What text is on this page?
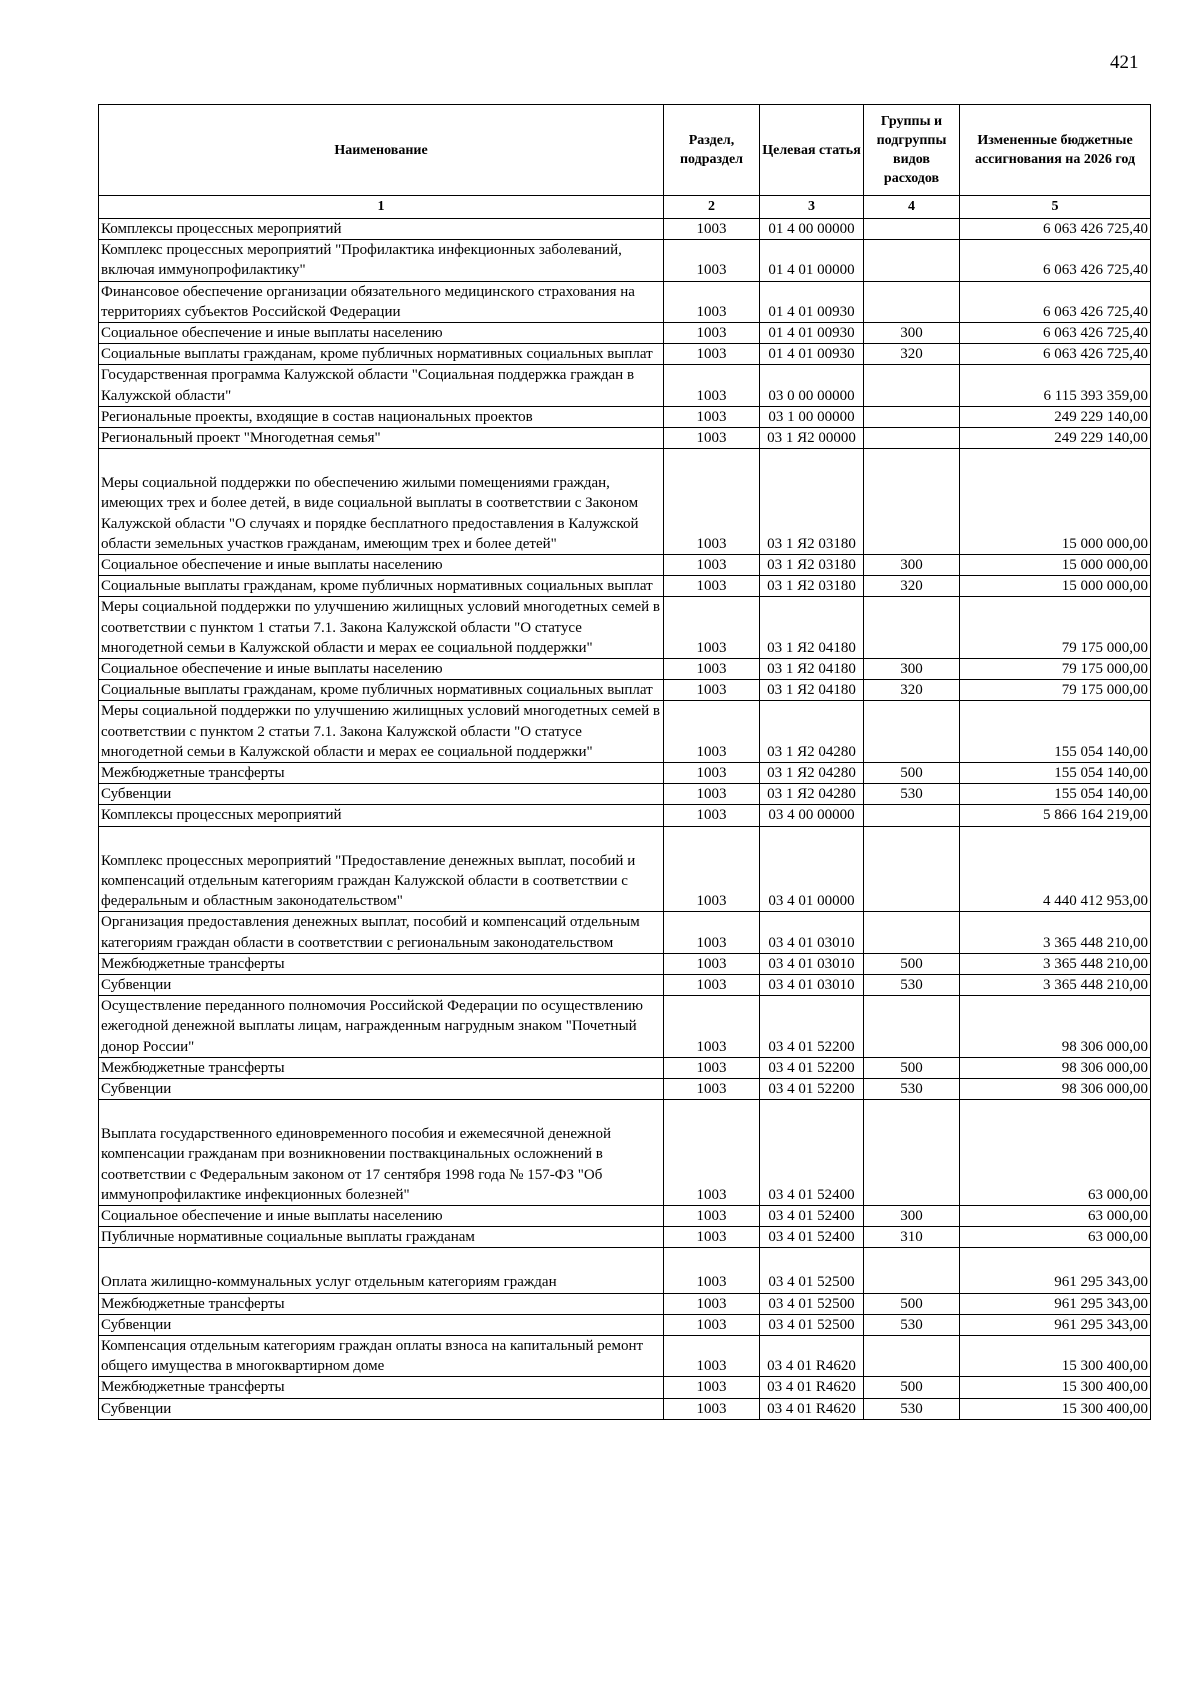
421
Наименование	Раздел, подраздел	Целевая статья	Группы и подгруппы видов расходов	Измененные бюджетные ассигнования на 2026 год
1	2	3	4	5
Комплексы процессных мероприятий	1003	01 4 00 00000		6 063 426 725,40
Комплекс процессных мероприятий "Профилактика инфекционных заболеваний, включая иммунопрофилактику"	1003	01 4 01 00000		6 063 426 725,40
Финансовое обеспечение организации обязательного медицинского страхования на территориях субъектов Российской Федерации	1003	01 4 01 00930		6 063 426 725,40
Социальное обеспечение и иные выплаты населению	1003	01 4 01 00930	300	6 063 426 725,40
Социальные выплаты гражданам, кроме публичных нормативных социальных выплат	1003	01 4 01 00930	320	6 063 426 725,40
Государственная программа Калужской области "Социальная поддержка граждан в Калужской области"	1003	03 0 00 00000		6 115 393 359,00
Региональные проекты, входящие в состав национальных проектов	1003	03 1 00 00000		249 229 140,00
Региональный проект "Многодетная семья"	1003	03 1 Я2 00000		249 229 140,00
Меры социальной поддержки по обеспечению жилыми помещениями граждан, имеющих трех и более детей, в виде социальной выплаты в соответствии с Законом Калужской области "О случаях и порядке бесплатного предоставления в Калужской области земельных участков гражданам, имеющим трех и более детей"	1003	03 1 Я2 03180		15 000 000,00
Социальное обеспечение и иные выплаты населению	1003	03 1 Я2 03180	300	15 000 000,00
Социальные выплаты гражданам, кроме публичных нормативных социальных выплат	1003	03 1 Я2 03180	320	15 000 000,00
Меры социальной поддержки по улучшению жилищных условий многодетных семей в соответствии с пунктом 1 статьи 7.1. Закона Калужской области "О статусе многодетной семьи в Калужской области и мерах ее социальной поддержки"	1003	03 1 Я2 04180		79 175 000,00
Социальное обеспечение и иные выплаты населению	1003	03 1 Я2 04180	300	79 175 000,00
Социальные выплаты гражданам, кроме публичных нормативных социальных выплат	1003	03 1 Я2 04180	320	79 175 000,00
Меры социальной поддержки по улучшению жилищных условий многодетных семей в соответствии с пунктом 2 статьи 7.1. Закона Калужской области "О статусе многодетной семьи в Калужской области и мерах ее социальной поддержки"	1003	03 1 Я2 04280		155 054 140,00
Межбюджетные трансферты	1003	03 1 Я2 04280	500	155 054 140,00
Субвенции	1003	03 1 Я2 04280	530	155 054 140,00
Комплексы процессных мероприятий	1003	03 4 00 00000		5 866 164 219,00
Комплекс процессных мероприятий "Предоставление денежных выплат, пособий и компенсаций отдельным категориям граждан Калужской области в соответствии с федеральным и областным законодательством"	1003	03 4 01 00000		4 440 412 953,00
Организация предоставления денежных выплат, пособий и компенсаций отдельным категориям граждан области в соответствии с региональным законодательством	1003	03 4 01 03010		3 365 448 210,00
Межбюджетные трансферты	1003	03 4 01 03010	500	3 365 448 210,00
Субвенции	1003	03 4 01 03010	530	3 365 448 210,00
Осуществление переданного полномочия Российской Федерации по осуществлению ежегодной денежной выплаты лицам, награжденным нагрудным знаком "Почетный донор России"	1003	03 4 01 52200		98 306 000,00
Межбюджетные трансферты	1003	03 4 01 52200	500	98 306 000,00
Субвенции	1003	03 4 01 52200	530	98 306 000,00
Выплата государственного единовременного пособия и ежемесячной денежной компенсации гражданам при возникновении поствакцинальных осложнений в соответствии с Федеральным законом от 17 сентября 1998 года № 157-ФЗ "Об иммунопрофилактике инфекционных болезней"	1003	03 4 01 52400		63 000,00
Социальное обеспечение и иные выплаты населению	1003	03 4 01 52400	300	63 000,00
Публичные нормативные социальные выплаты гражданам	1003	03 4 01 52400	310	63 000,00
Оплата жилищно-коммунальных услуг отдельным категориям граждан	1003	03 4 01 52500		961 295 343,00
Межбюджетные трансферты	1003	03 4 01 52500	500	961 295 343,00
Субвенции	1003	03 4 01 52500	530	961 295 343,00
Компенсация отдельным категориям граждан оплаты взноса на капитальный ремонт общего имущества в многоквартирном доме	1003	03 4 01 R4620		15 300 400,00
Межбюджетные трансферты	1003	03 4 01 R4620	500	15 300 400,00
Субвенции	1003	03 4 01 R4620	530	15 300 400,00
